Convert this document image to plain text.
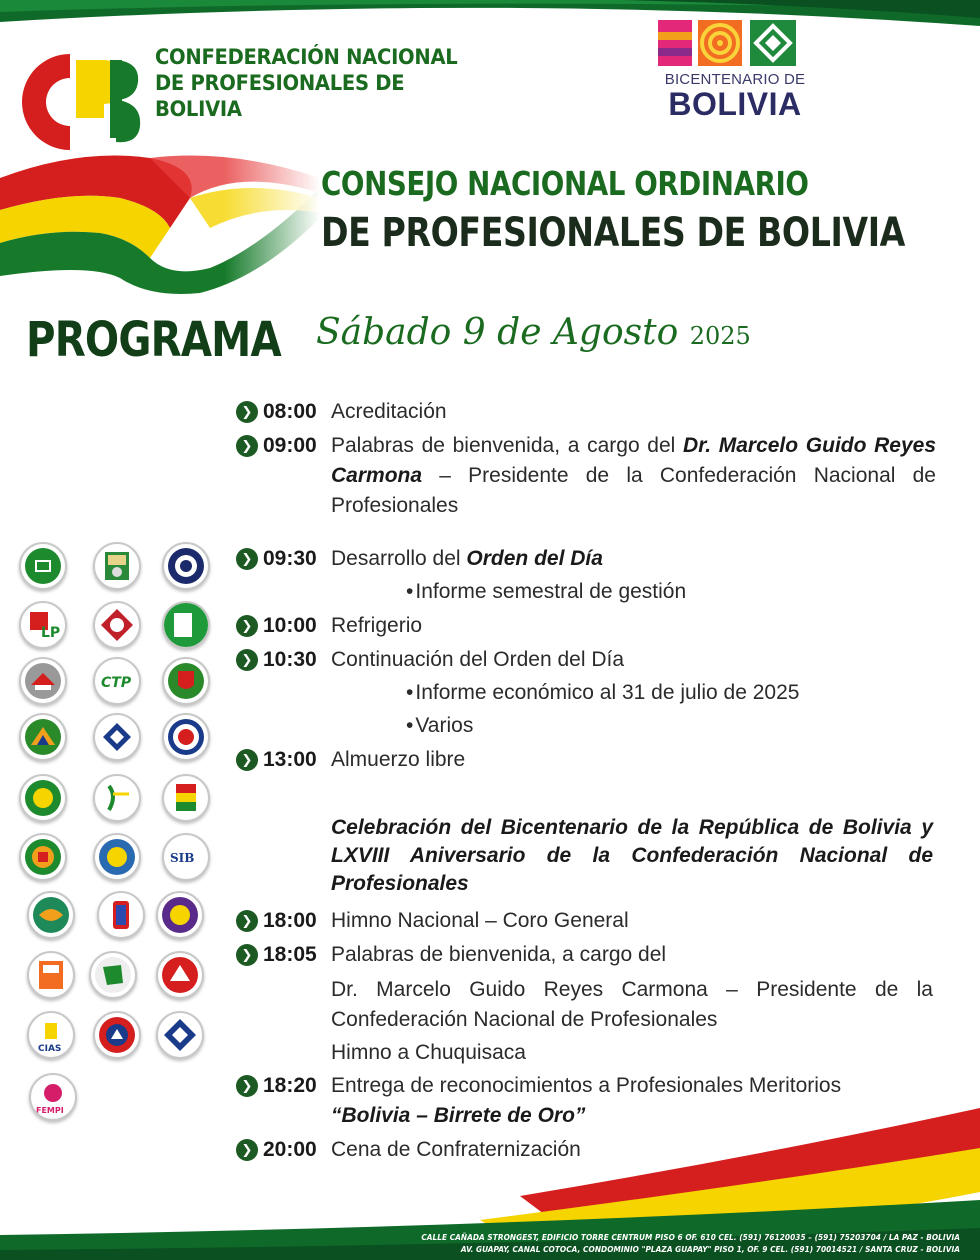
CONFEDERACIÓN NACIONAL
DE PROFESIONALES DE BOLIVIA
BICENTENARIO DE
BOLIVIA
CONSEJO NACIONAL ORDINARIO
DE PROFESIONALES DE BOLIVIA
PROGRAMA Sábado 9 de Agosto 2025
❯ 08:00 Acreditación
❯ 09:00 Palabras de bienvenida, a cargo del Dr. Marcelo Guido Reyes Carmona – Presidente de la Confederación Nacional de Profesionales
❯ 09:30 Desarrollo del Orden del Día
• Informe semestral de gestión
❯ 10:00 Refrigerio
❯ 10:30 Continuación del Orden del Día
• Informe económico al 31 de julio de 2025
• Varios
❯ 13:00 Almuerzo libre
Celebración del Bicentenario de la República de Bolivia y LXVIII Aniversario de la Confederación Nacional de Profesionales
❯ 18:00 Himno Nacional – Coro General
❯ 18:05 Palabras de bienvenida, a cargo del
Dr. Marcelo Guido Reyes Carmona – Presidente de la Confederación Nacional de Profesionales
Himno a Chuquisaca
❯ 18:20 Entrega de reconocimientos a Profesionales Meritorios
“Bolivia – Birrete de Oro”
❯ 20:00 Cena de Confraternización
LP
CTP
SIB
CIAS
FEMPI
CALLE CAÑADA STRONGEST, EDIFICIO TORRE CENTRUM PISO 6 OF. 610 CEL. (591) 76120035 – (591) 75203704 / LA PAZ - BOLIVIA
AV. GUAPAY, CANAL COTOCA, CONDOMINIO "PLAZA GUAPAY" PISO 1, OF. 9 CEL. (591) 70014521 / SANTA CRUZ - BOLIVIA
